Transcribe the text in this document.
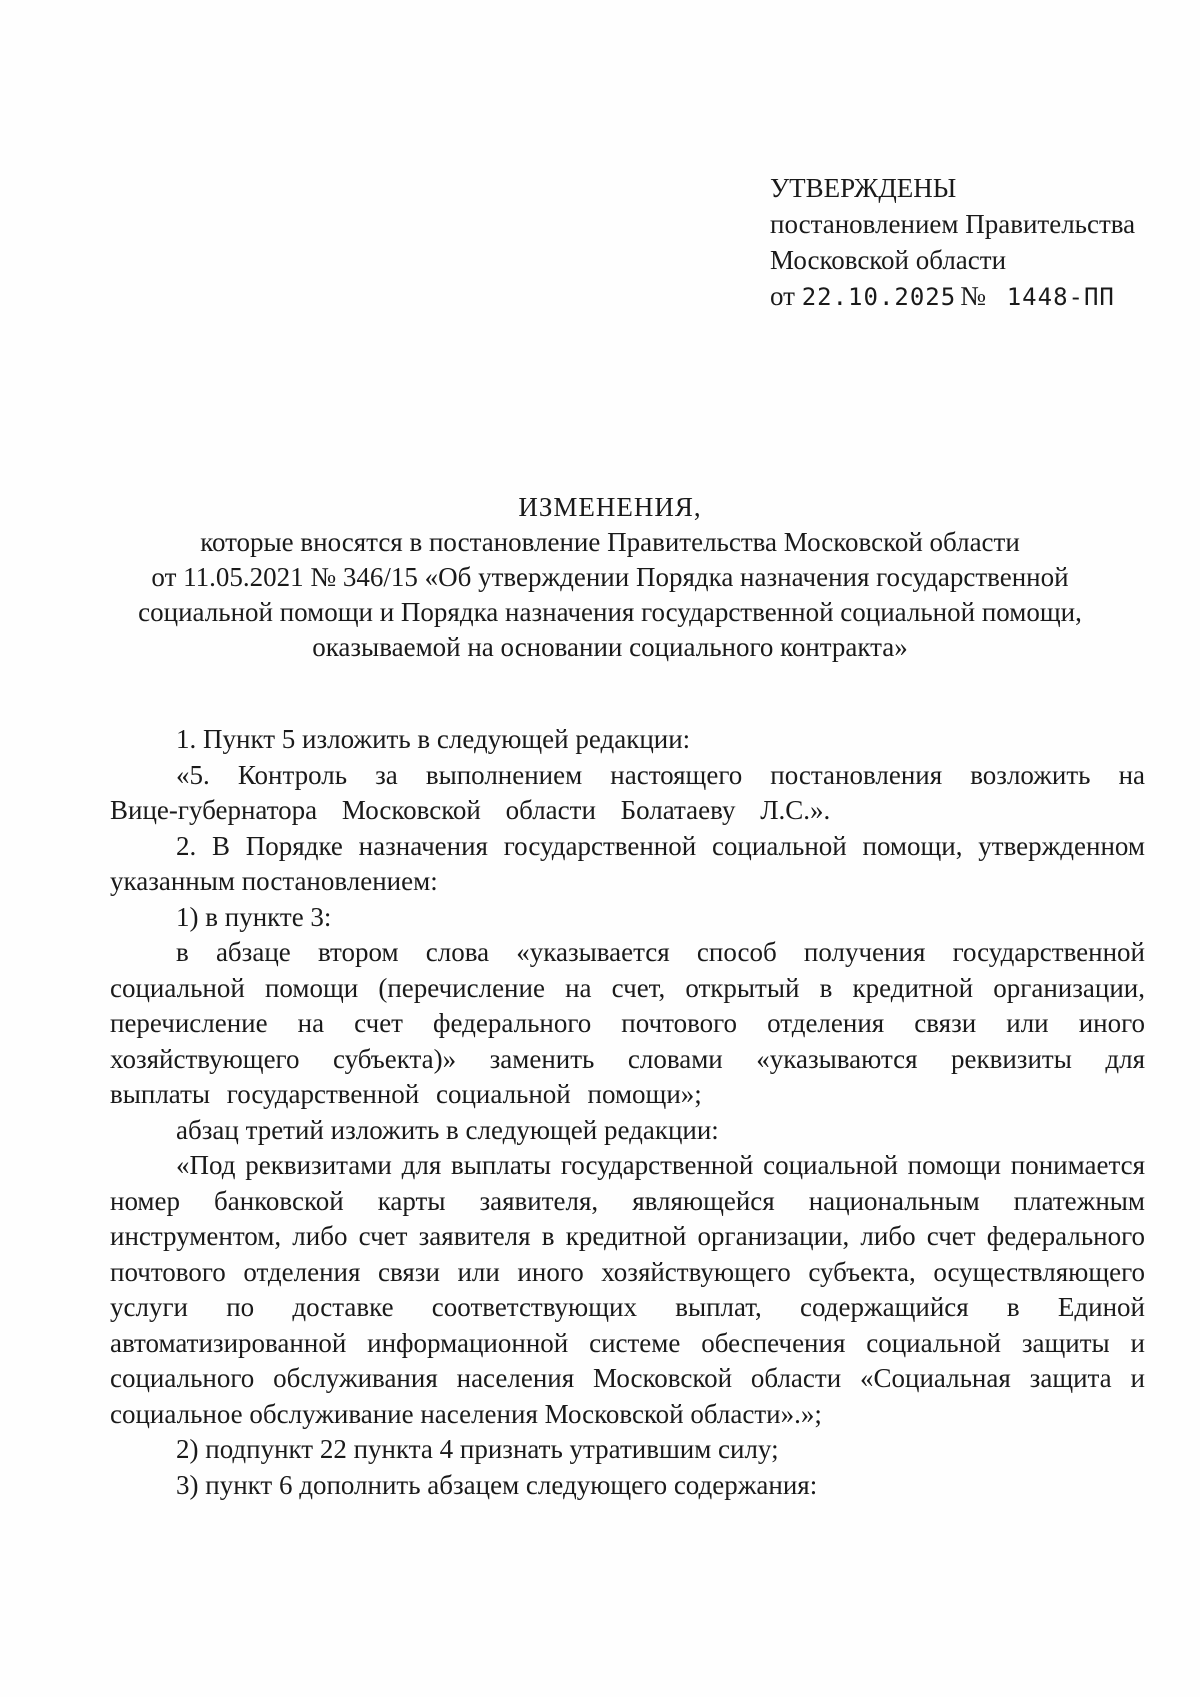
УТВЕРЖДЕНЫ
постановлением Правительства
Московской области
от 22.10.2025 № 1448-ПП
ИЗМЕНЕНИЯ,
которые вносятся в постановление Правительства Московской области
от 11.05.2021 № 346/15 «Об утверждении Порядка назначения государственной
социальной помощи и Порядка назначения государственной социальной помощи,
оказываемой на основании социального контракта»

1. Пункт 5 изложить в следующей редакции:

«5. Контроль за выполнением настоящего постановления возложить на Вице-губернатора Московской области Болатаеву Л.С.».

2. В Порядке назначения государственной социальной помощи, утвержденном указанным постановлением:

1) в пункте 3:

в абзаце втором слова «указывается способ получения государственной социальной помощи (перечисление на счет, открытый в кредитной организации, перечисление на счет федерального почтового отделения связи или иного хозяйствующего субъекта)» заменить словами «указываются реквизиты для выплаты государственной социальной помощи»;

абзац третий изложить в следующей редакции:

«Под реквизитами для выплаты государственной социальной помощи понимается номер банковской карты заявителя, являющейся национальным платежным инструментом, либо счет заявителя в кредитной организации, либо счет федерального почтового отделения связи или иного хозяйствующего субъекта, осуществляющего услуги по доставке соответствующих выплат, содержащийся в Единой автоматизированной информационной системе обеспечения социальной защиты и социального обслуживания населения Московской области «Социальная защита и социальное обслуживание населения Московской области».»;

2) подпункт 22 пункта 4 признать утратившим силу;

3) пункт 6 дополнить абзацем следующего содержания:
